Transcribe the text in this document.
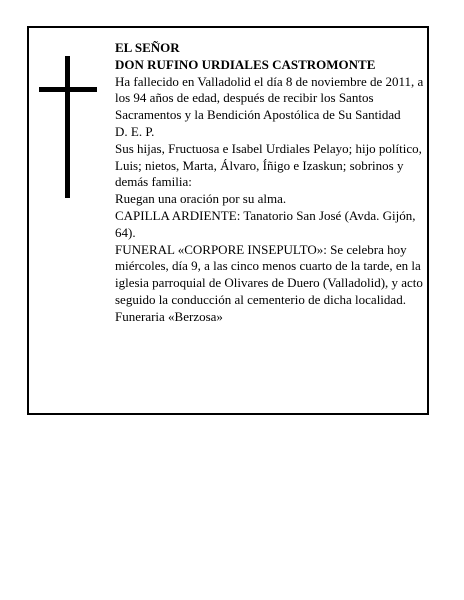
EL SEÑOR

DON RUFINO URDIALES CASTROMONTE

Ha fallecido en Valladolid el día 8 de noviembre de 2011, a los 94 años de edad, después de recibir los Santos Sacramentos y la Bendición Apostólica de Su Santidad

D. E. P.

Sus hijas, Fructuosa e Isabel Urdiales Pelayo; hijo político, Luis; nietos, Marta, Álvaro, Íñigo e Izaskun; sobrinos y demás familia:

Ruegan una oración por su alma.

CAPILLA ARDIENTE: Tanatorio San José (Avda. Gijón, 64).

FUNERAL «CORPORE INSEPULTO»: Se celebra hoy miércoles, día 9, a las cinco menos cuarto de la tarde, en la iglesia parroquial de Olivares de Duero (Valladolid), y acto seguido la conducción al cementerio de dicha localidad.

Funeraria «Berzosa»
